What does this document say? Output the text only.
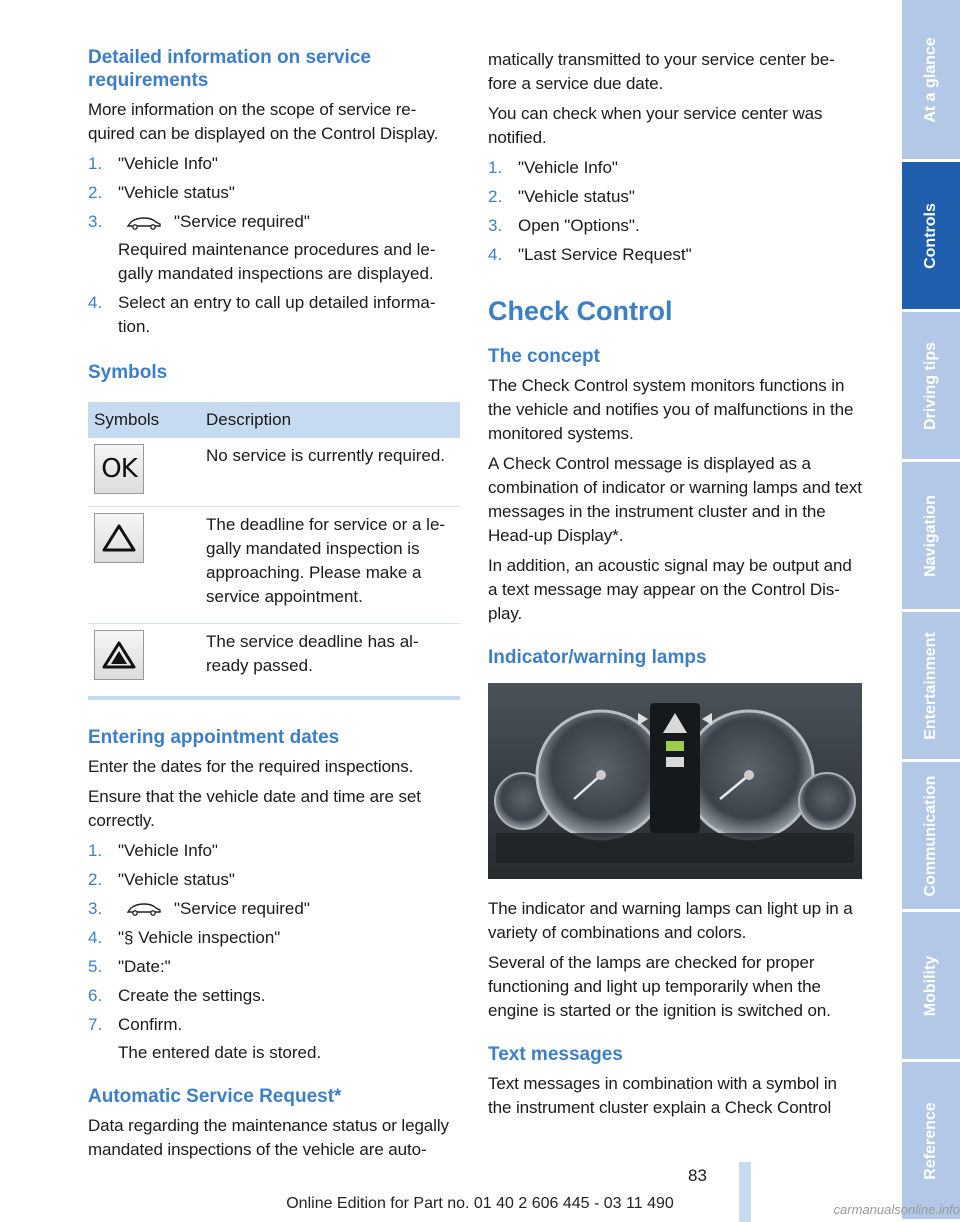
Detailed information on service requirements

More information on the scope of service re-quired can be displayed on the Control Display.

1. "Vehicle Info"
2. "Vehicle status"
3.	"Service required"
Required maintenance procedures and le-gally mandated inspections are displayed.
4. Select an entry to call up detailed informa-tion.
Symbols
Symbols	Description

OK	No service is currently required.

	The deadline for service or a le-gally mandated inspection is approaching. Please make a service appointment.

	The service deadline has al-ready passed.
Entering appointment dates

Enter the dates for the required inspections.

Ensure that the vehicle date and time are set correctly.

1. "Vehicle Info"
2. "Vehicle status"
3.	"Service required"
4. "§ Vehicle inspection"
5. "Date:"
6. Create the settings.
7. Confirm.
The entered date is stored.
Automatic Service Request*

Data regarding the maintenance status or legally mandated inspections of the vehicle are auto-

matically transmitted to your service center be-fore a service due date.

You can check when your service center was notified.

1. "Vehicle Info"
2. "Vehicle status"
3. Open "Options".
4. "Last Service Request"
Check Control
The concept

The Check Control system monitors functions in the vehicle and notifies you of malfunctions in the monitored systems.

A Check Control message is displayed as a combination of indicator or warning lamps and text messages in the instrument cluster and in the Head-up Display*.

In addition, an acoustic signal may be output and a text message may appear on the Control Dis-play.

Indicator/warning lamps

The indicator and warning lamps can light up in a variety of combinations and colors.

Several of the lamps are checked for proper functioning and light up temporarily when the engine is started or the ignition is switched on.

Text messages

Text messages in combination with a symbol in the instrument cluster explain a Check Control

At a glance
Controls
Driving tips
Navigation
Entertainment
Communication
Mobility
Reference
83
Online Edition for Part no. 01 40 2 606 445 - 03 11 490	carmanualsonline.info
